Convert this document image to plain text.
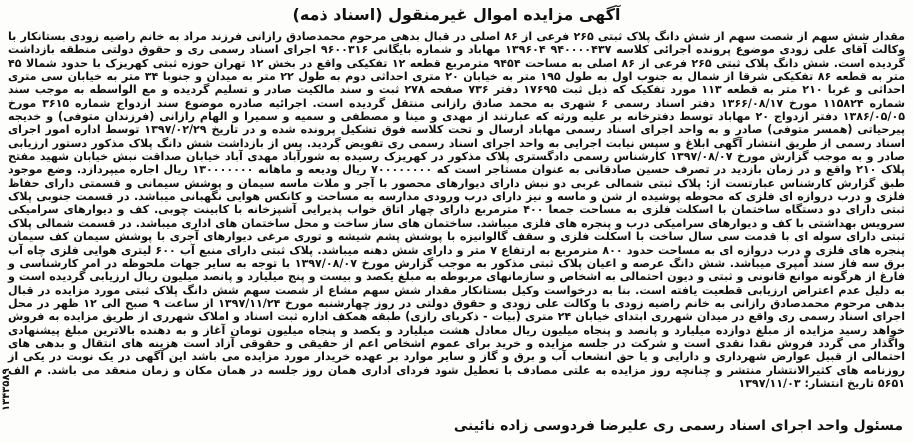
آگهی مزایده اموال غیرمنقول (اسناد ذمه)

مقدار شش سهم از شصت سهم از شش دانگ پلاک ثبتی ۲۶۵ فرعی از ۸۶ اصلی در قبال بدهی مرحوم محمدصادق رازانی فرزند مراد به خانم راضیه زودی بستانکار با وکالت آقای علی زودی موضوع پرونده اجرائی کلاسه ۹۴۰۰۰۰۴۳۷ ۱۳۹۶۰۴ مهاباد و شماره بایگانی ۹۶۰۰۳۱۶ اجرای اسناد رسمی ری و حقوق دولتی منطقه بازداشت گردیده است. شش دانگ پلاک ثبتی ۲۶۵ فرعی از ۸۶ اصلی به مساحت ۹۴۵۴ مترمربع قطعه ۱۲ تفکیکی واقع در بخش ۱۲ تهران حوزه ثبتی کهریزک با حدود شمالا ۴۵ متر به قطعه ۸۶ تفکیکی شرقا از شمال به جنوب اول به طول ۱۹۵ متر به خیابان ۲۰ متری احداثی دوم به طول ۲۲ متر به میدان و جنوبا ۳۴ متر به خیابان سی متری احداثی و غربا ۲۱۰ متر به قطعه ۱۱۳ مورد تفکیک که ذیل ثبت ۱۷۶۹۵ دفتر ۷۳۶ صفحه ۲۷۸ ثبت و سند مالکیت صادر و تسلیم گردیده و مع الواسطه به موجب سند شماره ۱۱۵۸۲۴ مورخ ۱۳۶۶/۰۸/۱۷ دفتر اسناد رسمی ۶ شهری به محمد صادق رازانی منتقل گردیده است. اجرائیه صادره موضوع سند ازدواج شماره ۳۶۱۵ مورخ ۱۳۸۶/۰۵/۰۵ دفتر ازدواج ۲۰ مهاباد توسط دفترخانه بر علیه ورثه که عبارتند از مهدی و مینا و مصطفی و سمیه و سمیرا و الهام رازانی (فرزندان متوفی) و خدیجه پیرحیاتی (همسر متوفی) صادر و به واحد اجرای اسناد رسمی مهاباد ارسال و تحت کلاسه فوق تشکیل پرونده شده و در تاریخ ۱۳۹۷/۰۲/۲۹ توسط اداره امور اجرای اسناد رسمی از طریق انتشار آگهی ابلاغ و سپس نیابت اجرایی به واحد اجرای اسناد رسمی ری تفویض گردید. پس از بازداشت شش دانگ پلاک مذکور دستور ارزیابی صادر و به موجب گزارش مورخ ۱۳۹۷/۰۸/۰۷ کارشناس رسمی دادگستری پلاک مذکور در کهریزک رسیده به شورآباد مهدی آباد خیابان صداقت نبش خیابان شهید مفتح پلاک ۲۱۰ واقع و در زمان بازدید در تصرف حسین صادقانی به عنوان مستاجر است که ۷۰۰۰۰۰۰۰۰ ریال ودیعه و ماهانه ۱۳۰۰۰۰۰۰۰ ریال اجاره میپردازد. وضع موجود طبق گزارش کارشناس عبارتست از: پلاک ثبتی شمالی غربی دو نبش دارای دیوارهای محصور با آجر و ملات ماسه سیمان و پوشش سیمانی و قسمتی دارای حفاظ فلزی و درب دروازه ای فلزی که محوطه پوشیده از شن و ماسه و نیز دارای درب ورودی مدارسه به مساحت و کانکس هوایی نگهبانی میباشد. در قسمت جنوبی پلاک ثبتی دارای دو دستگاه ساختمان با اسکلت فلزی به مساحت جمعا ۴۰۰ مترمربع دارای چهار اتاق خواب پذیرایی آشپزخانه با کابینت چوبی. کف و دیوارهای سرامیکی سرویس بهداشتی با کف و دیوارهای سرامیکی درب و پنجره های فلزی میباشد. ساختمان های ساز ساخت و محل ساختمان های اداری میباشد. در قسمت شمالی پلاک ثبتی دارای سوله ای با قدمت سی سال ساخت با اسکلت فلزی و سقف گالوانیزه با پوشش پشم شیشه و توری مرغی دیوارهای آجری با پوشش سیمان کف سیمان پنجره های فلزی و درب دروازه ای به مساحت حدود ۸۰۰ مترمربع به ارتفاع ۷ متر و دارای شش دهنه میباشد. پلاک ثبتی دارای منبع آب ۶۰۰ لیتری هوایی فلزی چاه آب برق سه فاز سند آمپری میباشد. شش دانگ عرصه و اعیان پلاک ثبتی مذکور به موجب گزارش مورخ ۱۳۹۷/۰۸/۰۷ با توجه به سایر جهات ملحوظه در امر کارشناسی و فارغ از هرگونه موانع قانونی و ثبتی و دیون احتمالی به اشخاص و سازمانهای مربوطه به مبلغ یکصد و بیست و پنج میلیارد و پانصد میلیون ریال ارزیابی گردیده است و به دلیل عدم اعتراض ارزیابی قطعیت یافته است. بنا به درخواست وکیل بستانکار مقدار شش سهم مشاع از شصت سهم شش دانگ پلاک ثبتی مورد مزایده در قبال بدهی مرحوم محمدصادق رازانی به خانم راضیه زودی با وکالت علی زودی و حقوق دولتی در روز چهارشنبه مورخ ۱۳۹۷/۱۱/۲۴ از ساعت ۹ صبح الی ۱۲ ظهر در محل اجرای اسناد رسمی ری واقع در میدان شهرری ابتدای خیابان ۲۴ متری (بیات - ذکریای رازی) طبقه همکف اداره ثبت اسناد و املاک شهرری از طریق مزایده به فروش خواهد رسید مزایده از مبلغ دوازده میلیارد و پانصد و پنجاه میلیون ریال معادل هشت میلیارد و یکصد و پنجاه میلیون تومان آغاز و به دهنده بالاترین مبلغ پیشنهادی واگذار می گردد فروش نقدا نقدی است و شرکت در جلسه مزایده و خرید برای عموم اشخاص اعم از حقیقی و حقوقی آزاد است هزینه های انتقال و بدهی های احتمالی از قبیل عوارض شهرداری و دارایی و یا حق انشعاب آب و برق و گاز و سایر موارد بر عهده خریدار مورد مزایده می باشد این آگهی در یک نوبت در یکی از روزنامه های کثیرالانتشار منتشر و چنانچه روز مزایده به علتی مصادف با تعطیل شود فردای اداری همان روز جلسه در همان مکان و زمان منعقد می باشد. م الف ۵۶۵۱ تاریخ انتشار: ۱۳۹۷/۱۱/۰۳

۱۳۴۳۵۸۹
مسئول واحد اجرای اسناد رسمی ری علیرضا فردوسی زاده نائینی
